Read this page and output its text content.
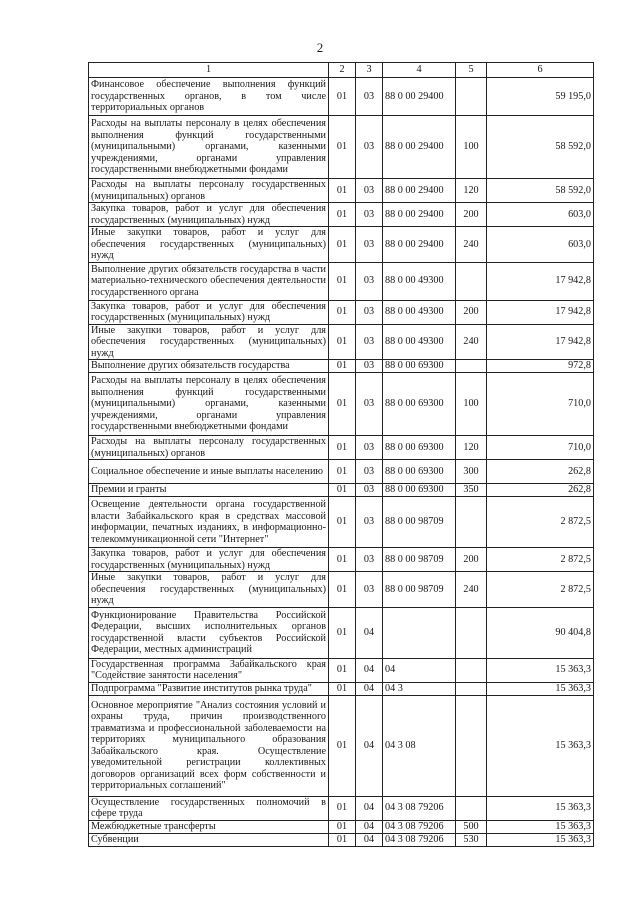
2
1	2	3	4	5	6
Финансовое обеспечение выполнения функций государственных органов, в том числе территориальных органов	01	03	88 0 00 29400		59 195,0
Расходы на выплаты персоналу в целях обеспечения выполнения функций государственными (муниципальными) органами, казенными учреждениями, органами управления государственными внебюджетными фондами	01	03	88 0 00 29400	100	58 592,0
Расходы на выплаты персоналу государственных (муниципальных) органов	01	03	88 0 00 29400	120	58 592,0
Закупка товаров, работ и услуг для обеспечения государственных (муниципальных) нужд	01	03	88 0 00 29400	200	603,0
Иные закупки товаров, работ и услуг для обеспечения государственных (муниципальных) нужд	01	03	88 0 00 29400	240	603,0
Выполнение других обязательств государства в части материально-технического обеспечения деятельности государственного органа	01	03	88 0 00 49300		17 942,8
Закупка товаров, работ и услуг для обеспечения государственных (муниципальных) нужд	01	03	88 0 00 49300	200	17 942,8
Иные закупки товаров, работ и услуг для обеспечения государственных (муниципальных) нужд	01	03	88 0 00 49300	240	17 942,8
Выполнение других обязательств государства	01	03	88 0 00 69300		972,8
Расходы на выплаты персоналу в целях обеспечения выполнения функций государственными (муниципальными) органами, казенными учреждениями, органами управления государственными внебюджетными фондами	01	03	88 0 00 69300	100	710,0
Расходы на выплаты персоналу государственных (муниципальных) органов	01	03	88 0 00 69300	120	710,0
Социальное обеспечение и иные выплаты населению	01	03	88 0 00 69300	300	262,8
Премии и гранты	01	03	88 0 00 69300	350	262,8
Освещение деятельности органа государственной власти Забайкальского края в средствах массовой информации, печатных изданиях, в информационно-телекоммуникационной сети "Интернет"	01	03	88 0 00 98709		2 872,5
Закупка товаров, работ и услуг для обеспечения государственных (муниципальных) нужд	01	03	88 0 00 98709	200	2 872,5
Иные закупки товаров, работ и услуг для обеспечения государственных (муниципальных) нужд	01	03	88 0 00 98709	240	2 872,5
Функционирование Правительства Российской Федерации, высших исполнительных органов государственной власти субъектов Российской Федерации, местных администраций	01	04			90 404,8
Государственная программа Забайкальского края "Содействие занятости населения"	01	04	04		15 363,3
Подпрограмма "Развитие институтов рынка труда"	01	04	04 3		15 363,3
Основное мероприятие "Анализ состояния условий и охраны труда, причин производственного травматизма и профессиональной заболеваемости на территориях муниципального образования Забайкальского края. Осуществление уведомительной регистрации коллективных договоров организаций всех форм собственности и территориальных соглашений"	01	04	04 3 08		15 363,3
Осуществление государственных полномочий в сфере труда	01	04	04 3 08 79206		15 363,3
Межбюджетные трансферты	01	04	04 3 08 79206	500	15 363,3
Субвенции	01	04	04 3 08 79206	530	15 363,3
